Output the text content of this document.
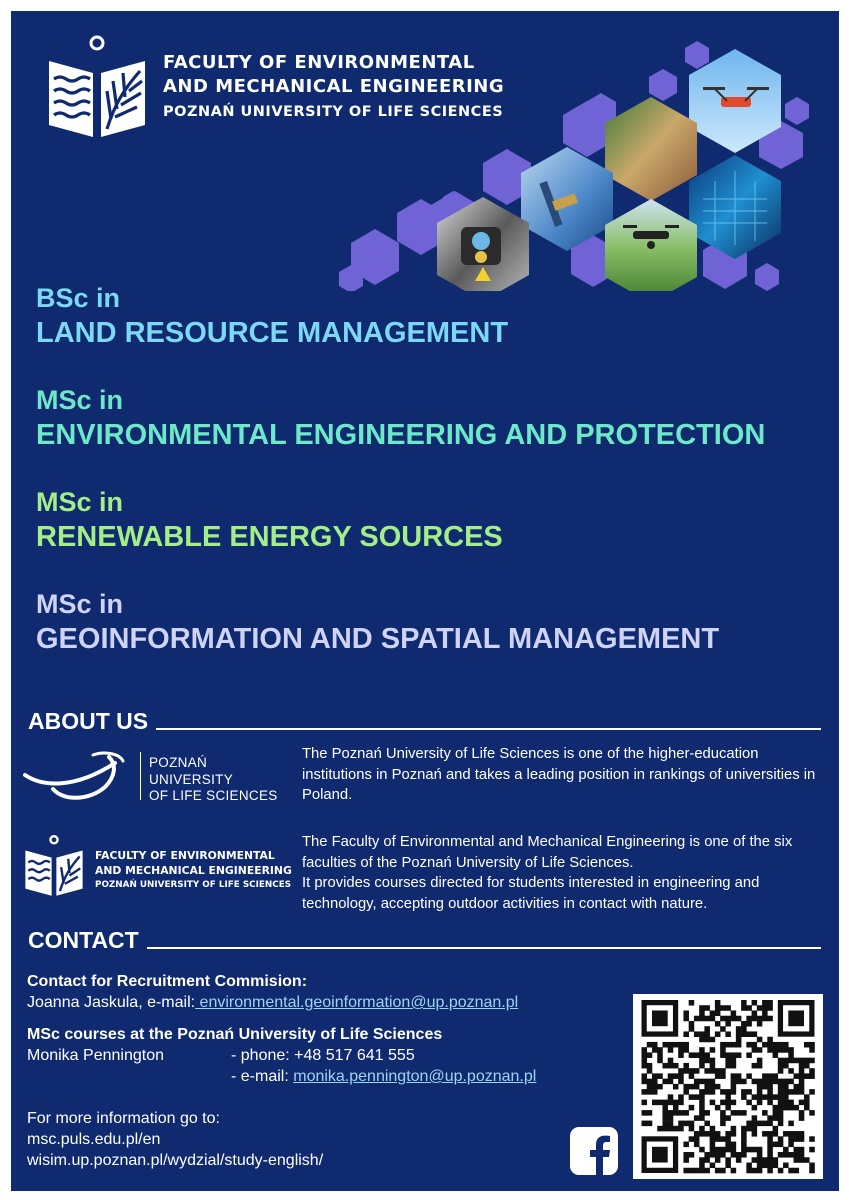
FACULTY OF ENVIRONMENTAL
AND MECHANICAL ENGINEERING
POZNAŃ UNIVERSITY OF LIFE SCIENCES
BSc in
LAND RESOURCE MANAGEMENT
MSc in
ENVIRONMENTAL ENGINEERING AND PROTECTION
MSc in
RENEWABLE ENERGY SOURCES
MSc in
GEOINFORMATION AND SPATIAL MANAGEMENT
ABOUT US
POZNAŃ
UNIVERSITY
OF LIFE SCIENCES

The Poznań University of Life Sciences is one of the higher-education institutions in Poznań and takes a leading position in rankings of universities in Poland.

FACULTY OF ENVIRONMENTAL
AND MECHANICAL ENGINEERING
POZNAŃ UNIVERSITY OF LIFE SCIENCES
The Faculty of Environmental and Mechanical Engineering is one of the six faculties of the Poznań University of Life Sciences.
It provides courses directed for students interested in engineering and technology, accepting outdoor activities in contact with nature.
CONTACT
Contact for Recruitment Commision:
Joanna Jaskula, e-mail: environmental.geoinformation@up.poznan.pl
MSc courses at the Poznań University of Life Sciences
Monika Pennington	- phone: +48 517 641 555
- e-mail: monika.pennington@up.poznan.pl
For more information go to:
msc.puls.edu.pl/en
wisim.up.poznan.pl/wydzial/study-english/
